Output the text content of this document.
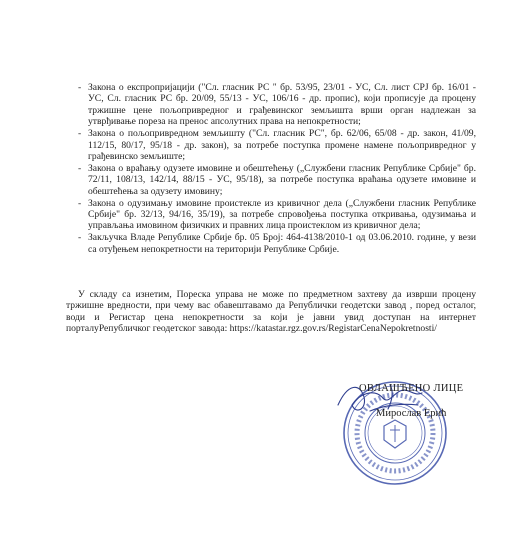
- Закона о експропријацији ("Сл. гласник РС " бр. 53/95, 23/01 - УС, Сл. лист СРЈ бр. 16/01 - УС, Сл. гласник РС бр. 20/09, 55/13 - УС, 106/16 - др. пропис), који прописује да процену тржишне цене пољопривредног и грађевинског земљишта врши орган надлежан за утврђивање пореза на пренос апсолутних права на непокретности;
- Закона о пољопривредном земљишту ("Сл. гласник РС", бр. 62/06, 65/08 - др. закон, 41/09, 112/15, 80/17, 95/18 - др. закон), за потребе поступка промене намене пољопривредног у грађевинско земљиште;
- Закона о враћању одузете имовине и обештећењу („Службени гласник Републике Србије" бр. 72/11, 108/13, 142/14, 88/15 - УС, 95/18), за потребе поступка враћања одузете имовине и обештећења за одузету имовину;
- Закона о одузимању имовине проистекле из кривичног дела („Службени гласник Републике Србије" бр. 32/13, 94/16, 35/19), за потребе спровођења поступка откривања, одузимања и управљања имовином физичких и правних лица проистеклом из кривичног дела;
- Закључка Владе Републике Србије бр. 05 Број: 464-4138/2010-1 од 03.06.2010. године, у вези са отуђењем непокретности на територији Републике Србије.

У складу са изнетим, Пореска управа не може по предметном захтеву да изврши процену тржишне вредности, при чему вас обавештавамо да Републички геодетски завод , поред осталог, води и Регистар цена непокретности за који је јавни увид доступан на интернет порталуРепубличког геодетског завода: https://katastar.rgz.gov.rs/RegistarCenaNepokretnosti/

ОВЛАШЋЕНО ЛИЦЕ
Мирослав Ерић
